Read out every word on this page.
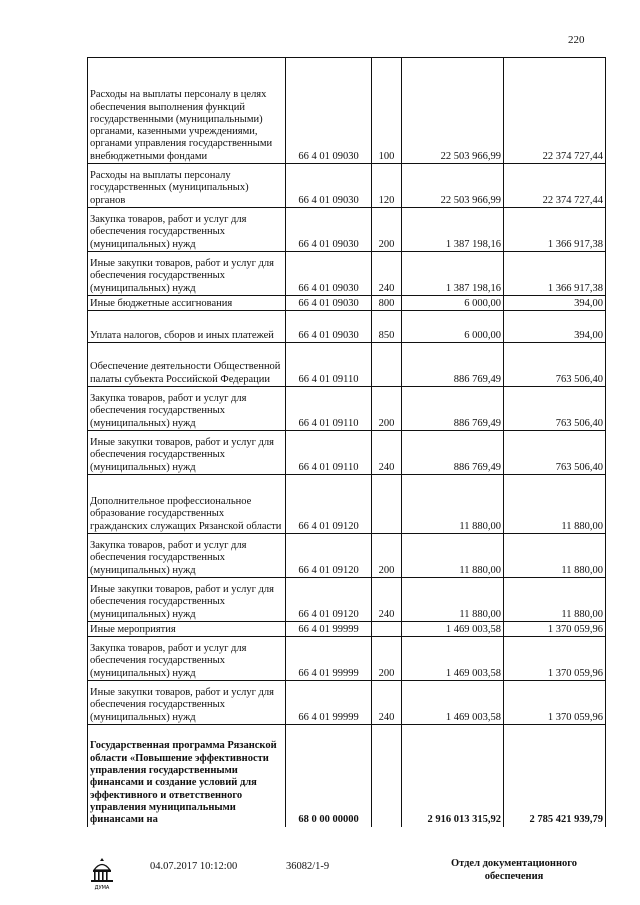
220
Расходы на выплаты персоналу в целях обеспечения выполнения функций государственными (муниципальными) органами, казенными учреждениями, органами управления государственными внебюджетными фондами	66 4 01 09030	100	22 503 966,99	22 374 727,44
Расходы на выплаты персоналу государственных (муниципальных) органов	66 4 01 09030	120	22 503 966,99	22 374 727,44
Закупка товаров, работ и услуг для обеспечения государственных (муниципальных) нужд	66 4 01 09030	200	1 387 198,16	1 366 917,38
Иные закупки товаров, работ и услуг для обеспечения государственных (муниципальных) нужд	66 4 01 09030	240	1 387 198,16	1 366 917,38
Иные бюджетные ассигнования	66 4 01 09030	800	6 000,00	394,00
Уплата налогов, сборов и иных платежей	66 4 01 09030	850	6 000,00	394,00
Обеспечение деятельности Общественной палаты субъекта Российской Федерации	66 4 01 09110		886 769,49	763 506,40
Закупка товаров, работ и услуг для обеспечения государственных (муниципальных) нужд	66 4 01 09110	200	886 769,49	763 506,40
Иные закупки товаров, работ и услуг для обеспечения государственных (муниципальных) нужд	66 4 01 09110	240	886 769,49	763 506,40
Дополнительное профессиональное образование государственных гражданских служащих Рязанской области	66 4 01 09120		11 880,00	11 880,00
Закупка товаров, работ и услуг для обеспечения государственных (муниципальных) нужд	66 4 01 09120	200	11 880,00	11 880,00
Иные закупки товаров, работ и услуг для обеспечения государственных (муниципальных) нужд	66 4 01 09120	240	11 880,00	11 880,00
Иные мероприятия	66 4 01 99999		1 469 003,58	1 370 059,96
Закупка товаров, работ и услуг для обеспечения государственных (муниципальных) нужд	66 4 01 99999	200	1 469 003,58	1 370 059,96
Иные закупки товаров, работ и услуг для обеспечения государственных (муниципальных) нужд	66 4 01 99999	240	1 469 003,58	1 370 059,96
Государственная программа Рязанской области «Повышение эффективности управления государственными финансами и создание условий для эффективного и ответственного управления муниципальными финансами на	68 0 00 00000		2 916 013 315,92	2 785 421 939,79
ДУМА
04.07.2017 10:12:00	36082/1-9	Отдел документационного
обеспечения
